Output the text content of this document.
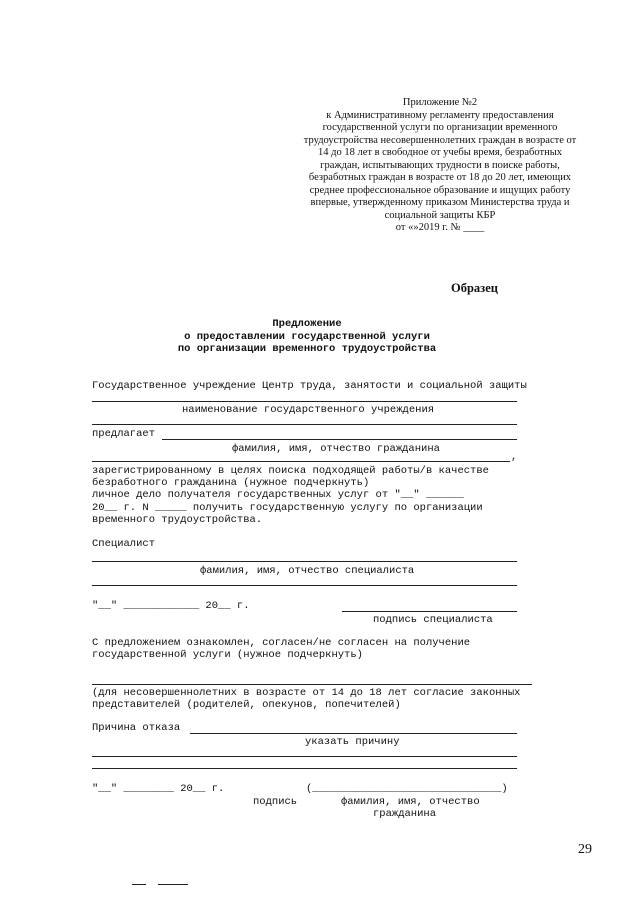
Приложение №2
к Административному регламенту предоставления
государственной услуги по организации временного
трудоустройства несовершеннолетних граждан в возрасте от
14 до 18 лет в свободное от учебы время, безработных
граждан, испытывающих трудности в поиске работы,
безработных граждан в возрасте от 18 до 20 лет, имеющих
среднее профессиональное образование и ищущих работу
впервые, утвержденному приказом Министерства труда и
социальной защиты КБР
от «»2019 г. № ____
Образец
Предложение
о предоставлении государственной услуги
по организации временного трудоустройства
Государственное учреждение Центр труда, занятости и социальной защиты
наименование государственного учреждения
предлагает
фамилия, имя, отчество гражданина
,
зарегистрированному в целях поиска подходящей работы/в качестве
безработного гражданина (нужное подчеркнуть)
личное дело получателя государственных услуг от "__" ______
20__ г. N _____ получить государственную услугу по организации
временного трудоустройства.
Специалист
фамилия, имя, отчество специалиста
"__" ____________ 20__ г.
подпись специалиста
С предложением ознакомлен, согласен/не согласен на получение
государственной услуги (нужное подчеркнуть)
(для несовершеннолетних в возрасте от 14 до 18 лет согласие законных
представителей (родителей, опекунов, попечителей)
Причина отказа
указать причину
"__" ________ 20__ г.	(______________________________)
подпись	фамилия, имя, отчество
гражданина
29
